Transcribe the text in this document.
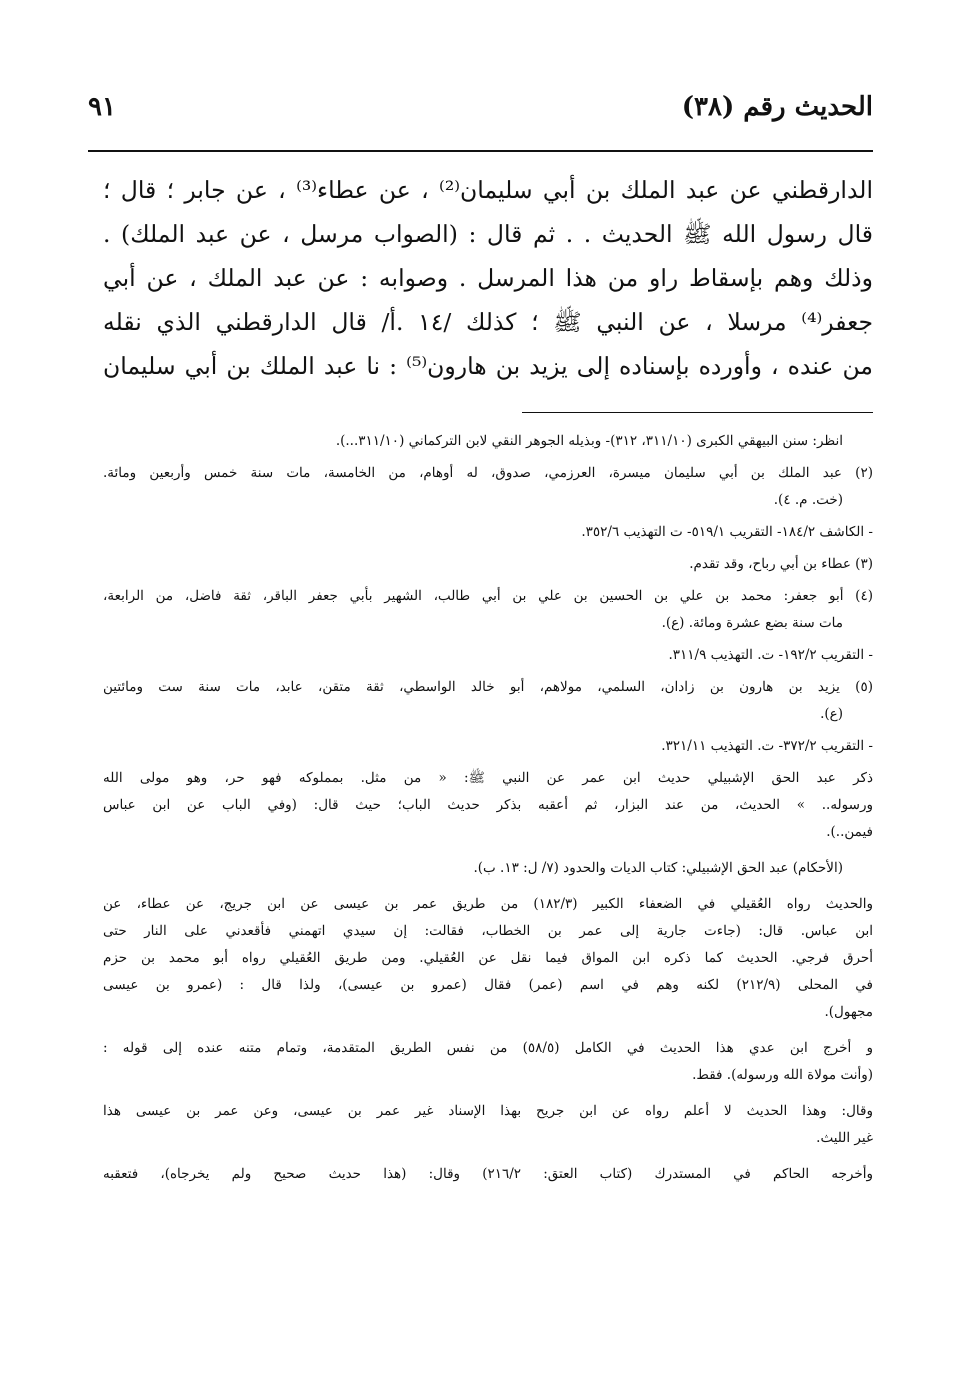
الحديث رقم (٣٨)
٩١
الدارقطني عن عبد الملك بن أبي سليمان⁽²⁾ ، عن عطاء⁽³⁾ ، عن جابر ؛ قال ؛
قال رسول الله ﷺ الحديث . . ثم قال : (الصواب مرسل ، عن عبد الملك) .
وذلك وهم بإسقاط راو من هذا المرسل . وصوابه : عن عبد الملك ، عن أبي
جعفر⁽⁴⁾ مرسلا ، عن النبي ﷺ ؛ كذلك /١٤ .أ/ قال الدارقطني الذي نقله
من عنده ، وأورده بإسناده إلى يزيد بن هارون⁽⁵⁾ : نا عبد الملك بن أبي سليمان
انظر: سنن البيهقي الكبرى (٣١١/١٠، ٣١٢)- وبذيله الجوهر النقي لابن التركماني (٣١١/١٠...).
(٢) عبد الملك بن أبي سليمان ميسرة، العرزمي، صدوق، له أوهام، من الخامسة، مات سنة خمس وأربعين ومائة.
(خت. م. ٤).
- الكاشف ١٨٤/٢- التقريب ٥١٩/١- ت التهذيب ٣٥٢/٦.
(٣) عطاء بن أبي رباح، وقد تقدم.
(٤) أبو جعفر: محمد بن علي بن الحسين بن علي بن أبي طالب، الشهير بأبي جعفر الباقر، ثقة فاضل، من الرابعة،
مات سنة بضع عشرة ومائة. (ع).
- التقريب ١٩٢/٢- ت. التهذيب ٣١١/٩.
(٥) يزيد بن هارون بن زادان، السلمي، مولاهم، أبو خالد الواسطي، ثقة متقن، عابد، مات سنة ست ومائتين
(ع).
- التقريب ٣٧٢/٢- ت. التهذيب ٣٢١/١١.
ذكر عبد الحق الإشبيلي حديث ابن عمر عن النبي ﷺ: « من مثل. بمملوكه فهو حر، وهو مولى الله
ورسوله.. » الحديث، من عند البزار، ثم أعقبه بذكر حديث الباب؛ حيث قال: (وفي الباب عن ابن عباس
فيمن..).
(الأحكام) عبد الحق الإشبيلي: كتاب الديات والحدود (٧/ ل: ١٣. ب).
والحديث رواه العُقيلي في الضعفاء الكبير (١٨٢/٣) من طريق عمر بن عيسى عن ابن جريج، عن عطاء، عن
ابن عباس. قال: (جاءت جارية إلى عمر بن الخطاب، فقالت: إن سيدي اتهمني فأقعدني على النار حتى
أحرق فرجي. الحديث كما ذكره ابن المواق فيما نقل عن العُقيلي. ومن طريق العُقيلي رواه أبو محمد بن حزم
في المحلى (٢١٢/٩) لكنه وهم في اسم (عمر) فقال (عمرو بن عيسى)، ولذا قال : (عمرو بن عيسى
مجهول).
و أخرج ابن عدي هذا الحديث في الكامل (٥٨/٥) من نفس الطريق المتقدمة، وتمام متنه عنده إلى قوله :
(وأنت مولاة الله ورسوله). فقط.
وقال: وهذا الحديث لا أعلم رواه عن ابن جريح بهذا الإسناد غير عمر بن عيسى، وعن عمر بن عيسى هذا
غير الليث.
وأخرجه الحاكم في المستدرك (كتاب العتق: ٢١٦/٢) وقال: (هذا حديث صحيح ولم يخرجاه)، فتعقبه
